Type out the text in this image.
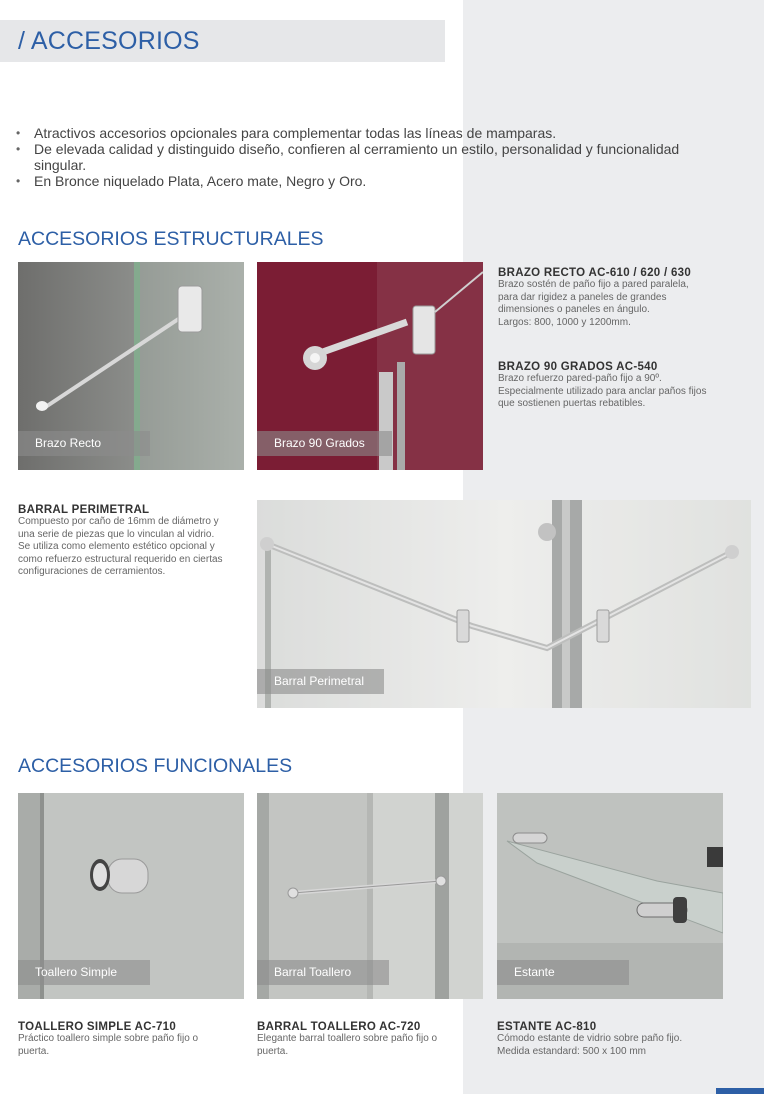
/ ACCESORIOS
• Atractivos accesorios opcionales para complementar todas las líneas de mamparas.
• De elevada calidad y distinguido diseño, confieren al cerramiento un estilo, personalidad y funcionalidad singular.
• En Bronce niquelado Plata, Acero mate, Negro y Oro.
ACCESORIOS ESTRUCTURALES
Brazo Recto	Brazo 90 Grados
BRAZO RECTO AC-610 / 620 / 630
Brazo sostén de paño fijo a pared paralela,
para dar rigidez a paneles de grandes
dimensiones o paneles en ángulo.
Largos: 800, 1000 y 1200mm.
BRAZO 90 GRADOS AC-540
Brazo refuerzo pared-paño fijo a 90º.
Especialmente utilizado para anclar paños fijos
que sostienen puertas rebatibles.
BARRAL PERIMETRAL
Compuesto por caño de 16mm de diámetro y
una serie de piezas que lo vinculan al vidrio.
Se utiliza como elemento estético opcional y
como refuerzo estructural requerido en ciertas
configuraciones de cerramientos.
Barral Perimetral
ACCESORIOS FUNCIONALES
Toallero Simple	Barral Toallero	Estante
TOALLERO SIMPLE AC-710
Práctico toallero simple sobre paño fijo o
puerta.
BARRAL TOALLERO AC-720
Elegante barral toallero sobre paño fijo o
puerta.
ESTANTE AC-810
Cómodo estante de vidrio sobre paño fijo.
Medida estandard: 500 x 100 mm
